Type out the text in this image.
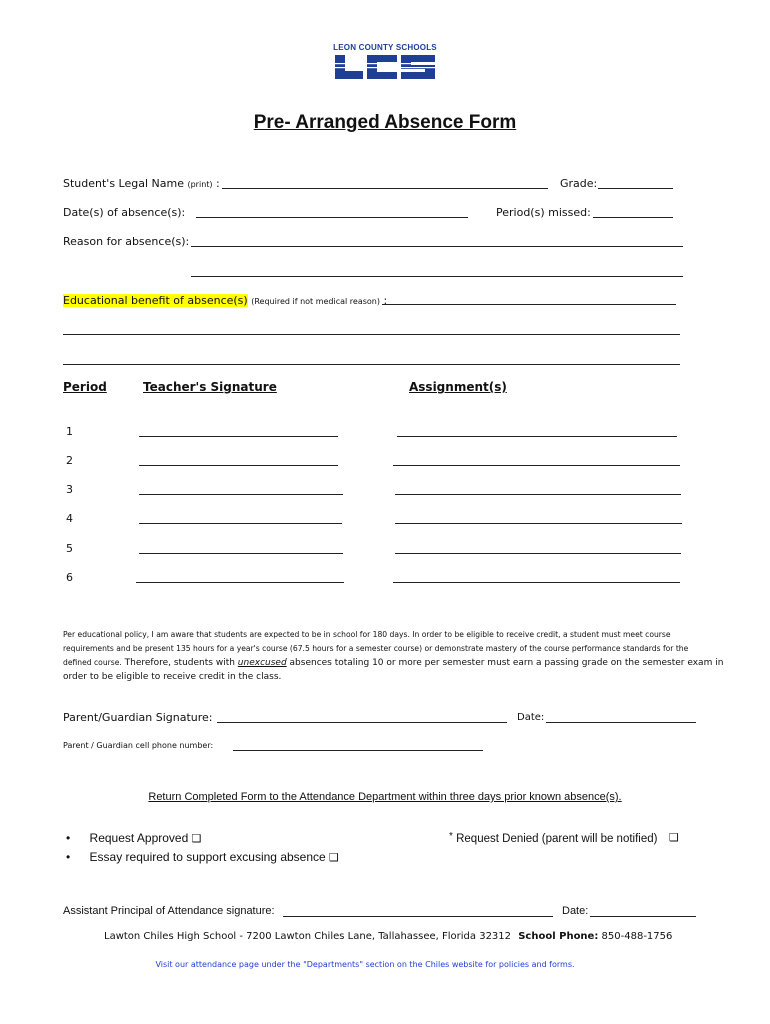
LEON COUNTY SCHOOLS
Pre- Arranged Absence Form
Student's Legal Name (print) :	Grade:
Date(s) of absence(s):	Period(s) missed:
Reason for absence(s):
Educational benefit of absence(s) (Required if not medical reason) :
Period	Teacher's Signature	Assignment(s)
1
2
3
4
5
6
Per educational policy, I am aware that students are expected to be in school for 180 days. In order to be eligible to receive credit, a student must meet course
requirements and be present 135 hours for a year's course (67.5 hours for a semester course) or demonstrate mastery of the course performance standards for the
defined course. Therefore, students with unexcused absences totaling 10 or more per semester must earn a passing grade on the semester exam in
order to be eligible to receive credit in the class.
Parent/Guardian Signature:	Date:
Parent / Guardian cell phone number:
Return Completed Form to the Attendance Department within three days prior known absence(s).
• Request Approved ❑
• Essay required to support excusing absence ❑
* Request Denied (parent will be notified) ❑
Assistant Principal of Attendance signature:	Date:
Lawton Chiles High School - 7200 Lawton Chiles Lane, Tallahassee, Florida 32312 School Phone: 850-488-1756
Visit our attendance page under the "Departments" section on the Chiles website for policies and forms.
